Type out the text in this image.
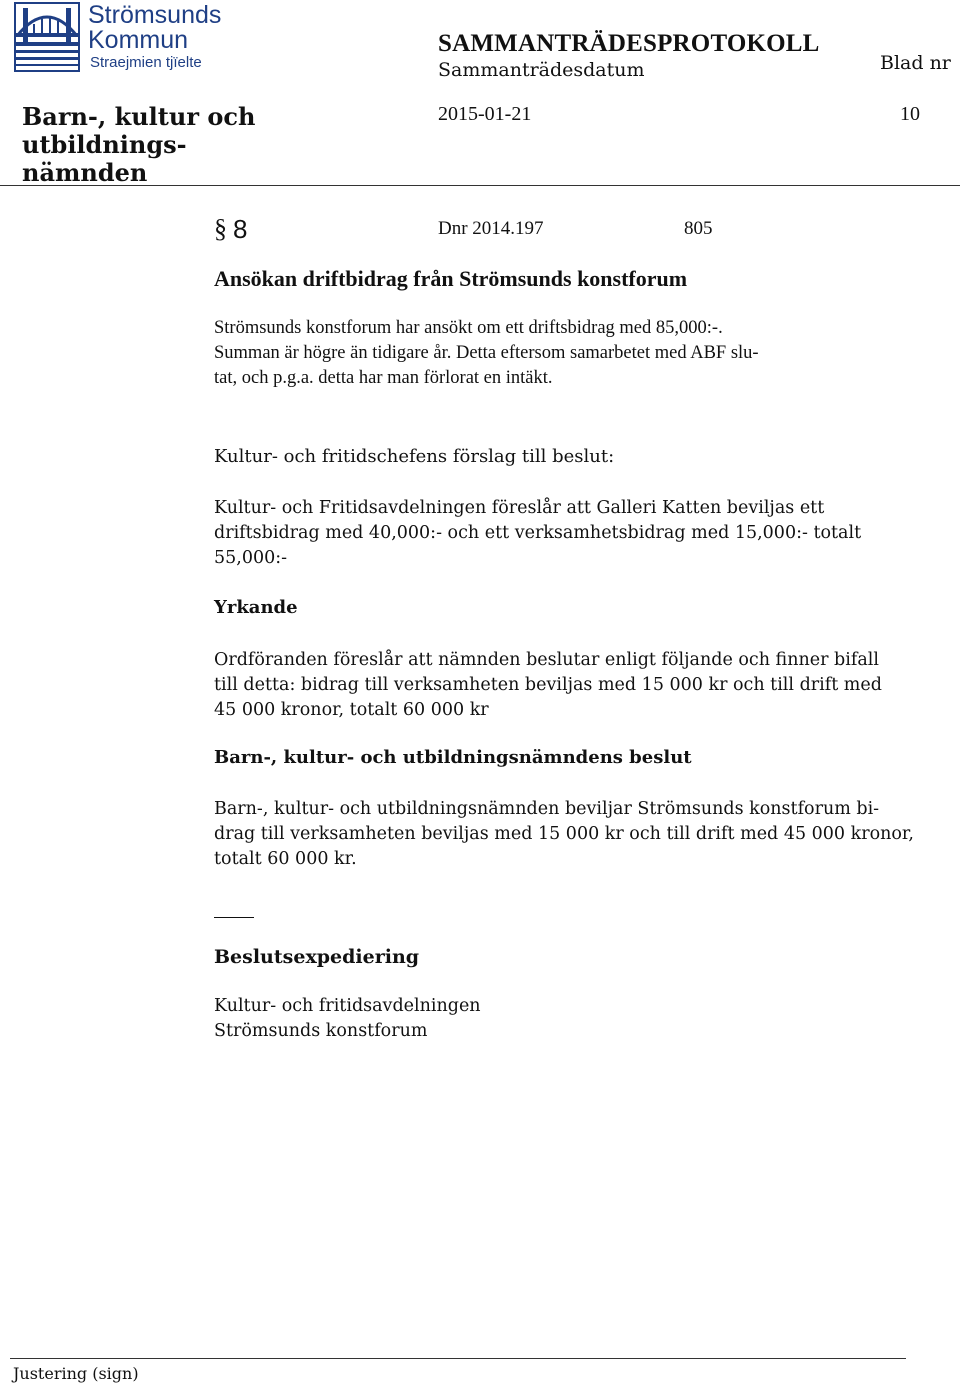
Strömsunds
Kommun
Straejmien tjïelte
SAMMANTRÄDESPROTOKOLL
Sammanträdesdatum	Blad nr
Barn-, kultur och utbildnings-
nämnden
2015-01-21	10
§ 8	Dnr 2014.197	805
Ansökan driftbidrag från Strömsunds konstforum
Strömsunds konstforum har ansökt om ett driftsbidrag med 85,000:-.
Summan är högre än tidigare år. Detta eftersom samarbetet med ABF slu-
tat, och p.g.a. detta har man förlorat en intäkt.
Kultur- och fritidschefens förslag till beslut:
Kultur- och Fritidsavdelningen föreslår att Galleri Katten beviljas ett
driftsbidrag med 40,000:- och ett verksamhetsbidrag med 15,000:- totalt
55,000:-
Yrkande
Ordföranden föreslår att nämnden beslutar enligt följande och finner bifall
till detta: bidrag till verksamheten beviljas med 15 000 kr och till drift med
45 000 kronor, totalt 60 000 kr
Barn-, kultur- och utbildningsnämndens beslut
Barn-, kultur- och utbildningsnämnden beviljar Strömsunds konstforum bi-
drag till verksamheten beviljas med 15 000 kr och till drift med 45 000 kronor,
totalt 60 000 kr.
Beslutsexpediering
Kultur- och fritidsavdelningen
Strömsunds konstforum
Justering (sign)
